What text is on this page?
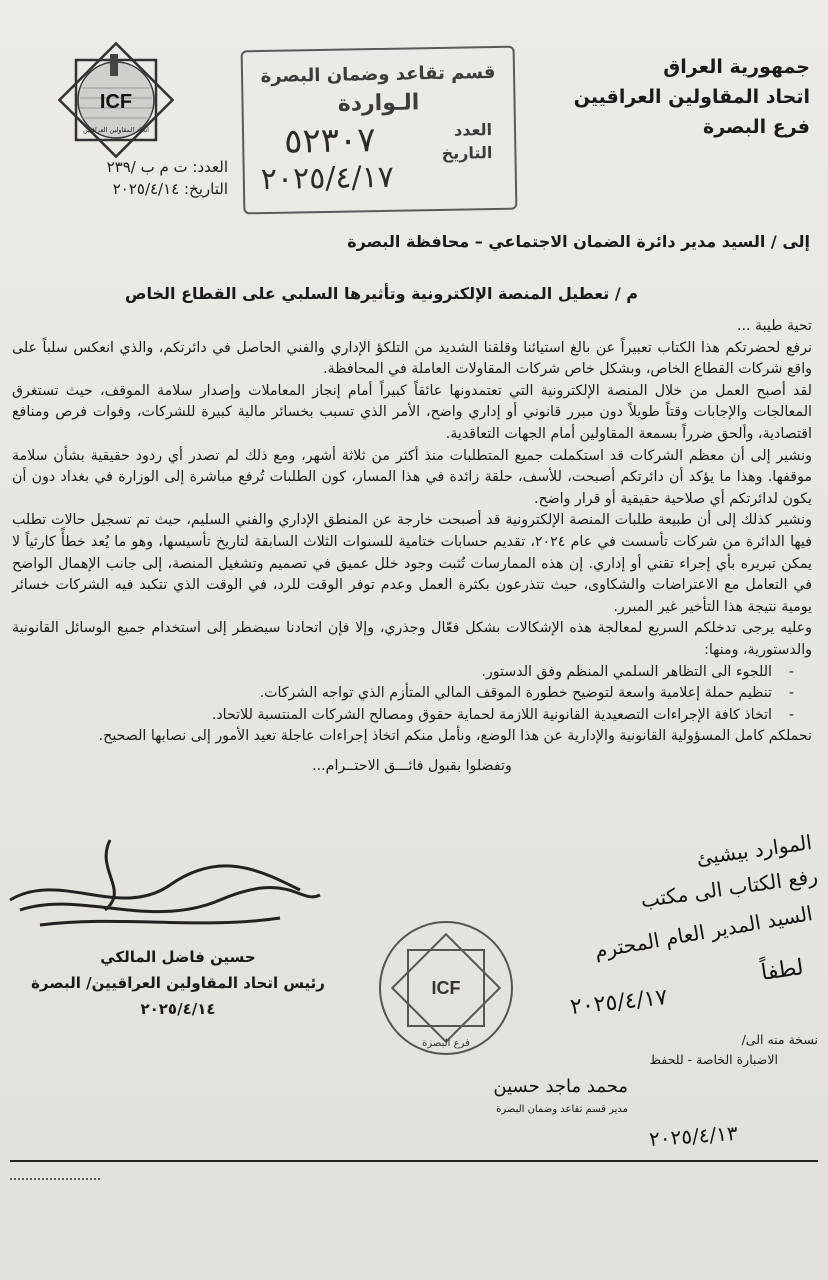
جمهورية العراق
اتحاد المقاولين العراقيين
فرع البصرة
ICF
اتحاد المقاولين العراقيين
العدد: ت م ب /٢٣٩
التاريخ: ٢٠٢٥/٤/١٤
قسم تقاعد وضمان البصرة
الـواردة
العدد
التاريخ
٥٢٣٠٧
٢٠٢٥/٤/١٧
إلى / السيد مدير دائرة الضمان الاجتماعي – محافظة البصرة
م / تعطيل المنصة الإلكترونية وتأثيرها السلبي على القطاع الخاص

تحية طيبة ...

نرفع لحضرتكم هذا الكتاب تعبيراً عن بالغ استيائنا وقلقنا الشديد من التلكؤ الإداري والفني الحاصل في دائرتكم، والذي انعكس سلباً على واقع شركات القطاع الخاص، وبشكل خاص شركات المقاولات العاملة في المحافظة.

لقد أصبح العمل من خلال المنصة الإلكترونية التي تعتمدونها عائقاً كبيراً أمام إنجاز المعاملات وإصدار سلامة الموقف، حيث تستغرق المعالجات والإجابات وقتاً طويلاً دون مبرر قانوني أو إداري واضح، الأمر الذي تسبب بخسائر مالية كبيرة للشركات، وفوات فرص ومنافع اقتصادية، وألحق ضرراً بسمعة المقاولين أمام الجهات التعاقدية.

ونشير إلى أن معظم الشركات قد استكملت جميع المتطلبات منذ أكثر من ثلاثة أشهر، ومع ذلك لم تصدر أي ردود حقيقية بشأن سلامة موقفها. وهذا ما يؤكد أن دائرتكم أصبحت، للأسف، حلقة زائدة في هذا المسار، كون الطلبات تُرفع مباشرة إلى الوزارة في بغداد دون أن يكون لدائرتكم أي صلاحية حقيقية أو قرار واضح.

ونشير كذلك إلى أن طبيعة طلبات المنصة الإلكترونية قد أصبحت خارجة عن المنطق الإداري والفني السليم، حيث تم تسجيل حالات تطلب فيها الدائرة من شركات تأسست في عام ٢٠٢٤، تقديم حسابات ختامية للسنوات الثلاث السابقة لتاريخ تأسيسها، وهو ما يُعد خطأً كارثياً لا يمكن تبريره بأي إجراء تقني أو إداري. إن هذه الممارسات تُثبت وجود خلل عميق في تصميم وتشغيل المنصة، إلى جانب الإهمال الواضح في التعامل مع الاعتراضات والشكاوى، حيث تتذرعون بكثرة العمل وعدم توفر الوقت للرد، في الوقت الذي تتكبد فيه الشركات خسائر يومية نتيجة هذا التأخير غير المبرر.

وعليه يرجى تدخلكم السريع لمعالجة هذه الإشكالات بشكل فعّال وجذري، وإلا فإن اتحادنا سيضطر إلى استخدام جميع الوسائل القانونية والدستورية، ومنها:

- اللجوء الى التظاهر السلمي المنظم وفق الدستور.

- تنظيم حملة إعلامية واسعة لتوضيح خطورة الموقف المالي المتأزم الذي تواجه الشركات.

- اتخاذ كافة الإجراءات التصعيدية القانونية اللازمة لحماية حقوق ومصالح الشركات المنتسبة للاتحاد.

نحملكم كامل المسؤولية القانونية والإدارية عن هذا الوضع، ونأمل منكم اتخاذ إجراءات عاجلة تعيد الأمور إلى نصابها الصحيح.

وتفضلوا بقبول فائـــق الاحتــرام...

حسين فاضل المالكي
رئيس اتحاد المقاولين العراقيين/ البصرة
٢٠٢٥/٤/١٤
ICF
فرع البصرة
الموارد بيشيئ
رفع الكتاب الى مكتب
السيد المدير العام المحترم
لطفاً
٢٠٢٥/٤/١٧
نسخة منه الى/
الاضبارة الخاصة - للحفظ
محمد ماجد حسين
مدير قسم تقاعد وضمان البصرة
٢٠٢٥/٤/١٣
